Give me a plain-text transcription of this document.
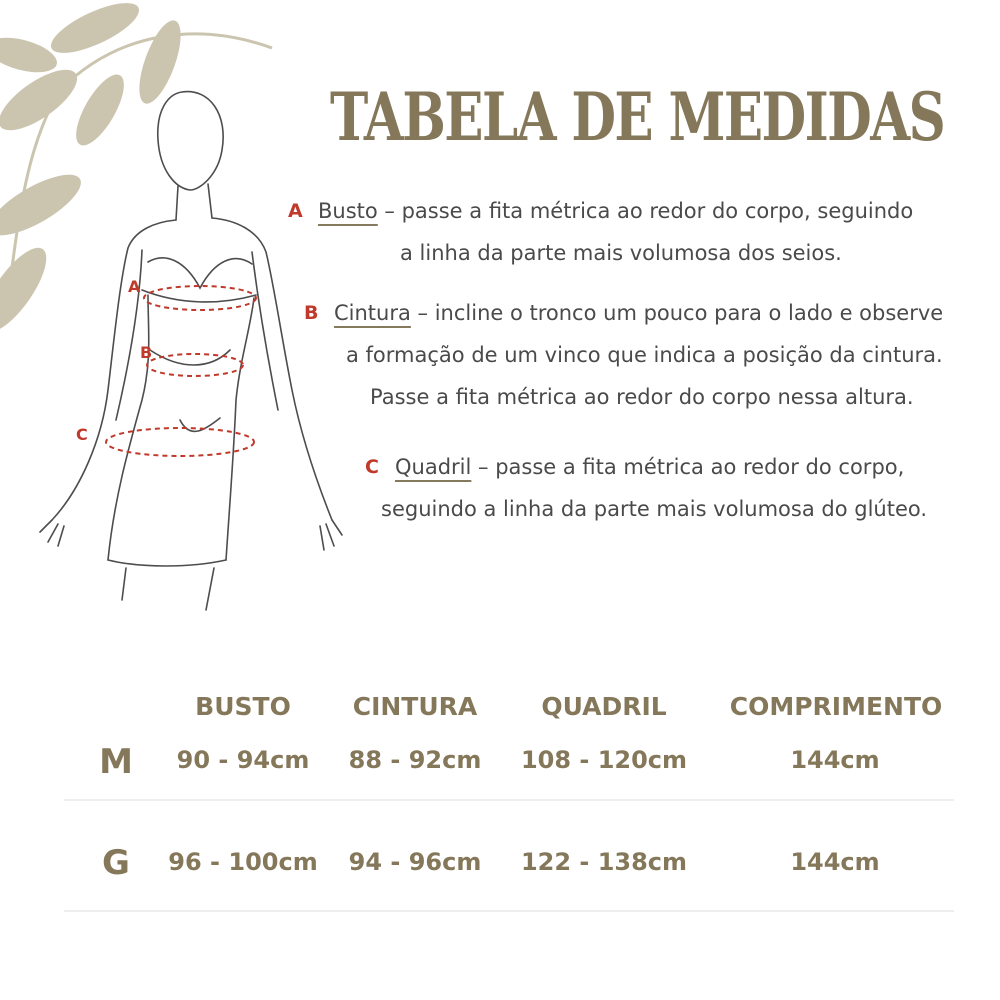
A
B
C
TABELA DE MEDIDAS
A Busto – passe a fita métrica ao redor do corpo, seguindo
a linha da parte mais volumosa dos seios.
B Cintura – incline o tronco um pouco para o lado e observe
a formação de um vinco que indica a posição da cintura.
Passe a fita métrica ao redor do corpo nessa altura.
C Quadril – passe a fita métrica ao redor do corpo,
seguindo a linha da parte mais volumosa do glúteo.
BUSTO	CINTURA	QUADRIL	COMPRIMENTO
M	90 - 94cm	88 - 92cm	108 - 120cm	144cm
G	96 - 100cm	94 - 96cm	122 - 138cm	144cm
